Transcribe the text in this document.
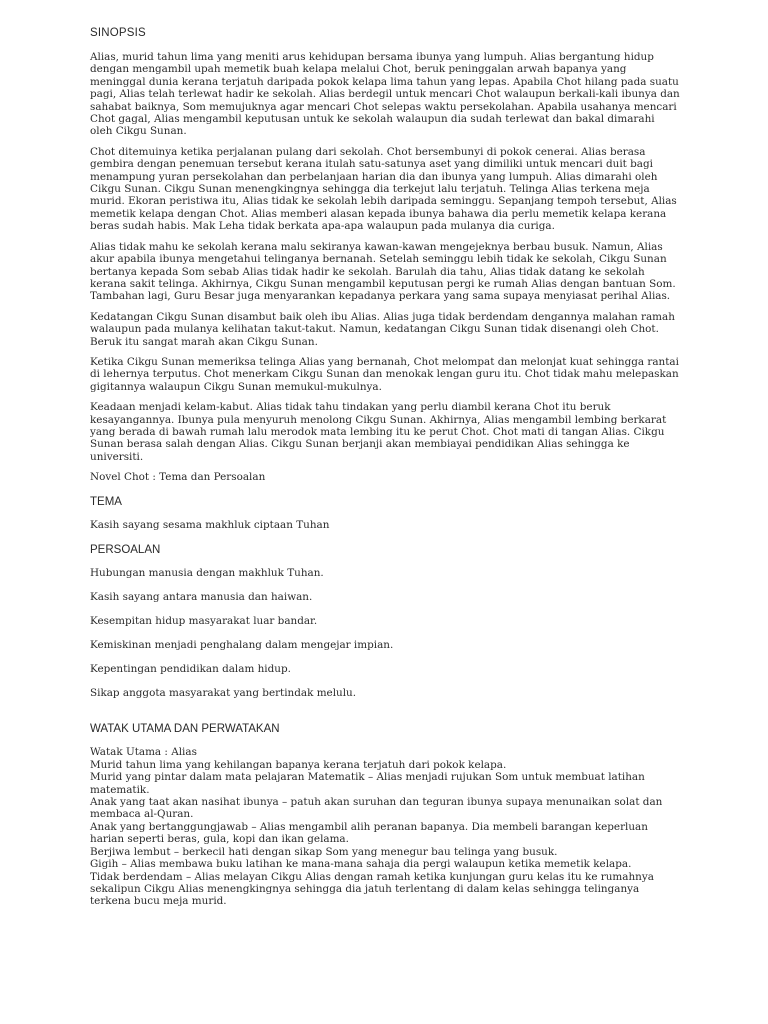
SINOPSIS

Alias, murid tahun lima yang meniti arus kehidupan bersama ibunya yang lumpuh. Alias bergantung hidup dengan mengambil upah memetik buah kelapa melalui Chot, beruk peninggalan arwah bapanya yang meninggal dunia kerana terjatuh daripada pokok kelapa lima tahun yang lepas. Apabila Chot hilang pada suatu pagi, Alias telah terlewat hadir ke sekolah. Alias berdegil untuk mencari Chot walaupun berkali-kali ibunya dan sahabat baiknya, Som memujuknya agar mencari Chot selepas waktu persekolahan. Apabila usahanya mencari Chot gagal, Alias mengambil keputusan untuk ke sekolah walaupun dia sudah terlewat dan bakal dimarahi oleh Cikgu Sunan.

Chot ditemuinya ketika perjalanan pulang dari sekolah. Chot bersembunyi di pokok cenerai. Alias berasa gembira dengan penemuan tersebut kerana itulah satu-satunya aset yang dimiliki untuk mencari duit bagi menampung yuran persekolahan dan perbelanjaan harian dia dan ibunya yang lumpuh. Alias dimarahi oleh Cikgu Sunan. Cikgu Sunan menengkingnya sehingga dia terkejut lalu terjatuh. Telinga Alias terkena meja murid. Ekoran peristiwa itu, Alias tidak ke sekolah lebih daripada seminggu. Sepanjang tempoh tersebut, Alias memetik kelapa dengan Chot. Alias memberi alasan kepada ibunya bahawa dia perlu memetik kelapa kerana beras sudah habis. Mak Leha tidak berkata apa-apa walaupun pada mulanya dia curiga.

Alias tidak mahu ke sekolah kerana malu sekiranya kawan-kawan mengejeknya berbau busuk. Namun, Alias akur apabila ibunya mengetahui telinganya bernanah. Setelah seminggu lebih tidak ke sekolah, Cikgu Sunan bertanya kepada Som sebab Alias tidak hadir ke sekolah. Barulah dia tahu, Alias tidak datang ke sekolah kerana sakit telinga. Akhirnya, Cikgu Sunan mengambil keputusan pergi ke rumah Alias dengan bantuan Som. Tambahan lagi, Guru Besar juga menyarankan kepadanya perkara yang sama supaya menyiasat perihal Alias.

Kedatangan Cikgu Sunan disambut baik oleh ibu Alias. Alias juga tidak berdendam dengannya malahan ramah walaupun pada mulanya kelihatan takut-takut. Namun, kedatangan Cikgu Sunan tidak disenangi oleh Chot. Beruk itu sangat marah akan Cikgu Sunan.

Ketika Cikgu Sunan memeriksa telinga Alias yang bernanah, Chot melompat dan melonjat kuat sehingga rantai di lehernya terputus. Chot menerkam Cikgu Sunan dan menokak lengan guru itu. Chot tidak mahu melepaskan gigitannya walaupun Cikgu Sunan memukul-mukulnya.

Keadaan menjadi kelam-kabut. Alias tidak tahu tindakan yang perlu diambil kerana Chot itu beruk kesayangannya. Ibunya pula menyuruh menolong Cikgu Sunan. Akhirnya, Alias mengambil lembing berkarat yang berada di bawah rumah lalu merodok mata lembing itu ke perut Chot. Chot mati di tangan Alias. Cikgu Sunan berasa salah dengan Alias. Cikgu Sunan berjanji akan membiayai pendidikan Alias sehingga ke universiti.

Novel Chot : Tema dan Persoalan

TEMA

Kasih sayang sesama makhluk ciptaan Tuhan

PERSOALAN

Hubungan manusia dengan makhluk Tuhan.

Kasih sayang antara manusia dan haiwan.

Kesempitan hidup masyarakat luar bandar.

Kemiskinan menjadi penghalang dalam mengejar impian.

Kepentingan pendidikan dalam hidup.

Sikap anggota masyarakat yang bertindak melulu.

WATAK UTAMA DAN PERWATAKAN

Watak Utama : Alias

Murid tahun lima yang kehilangan bapanya kerana terjatuh dari pokok kelapa.

Murid yang pintar dalam mata pelajaran Matematik – Alias menjadi rujukan Som untuk membuat latihan matematik.

Anak yang taat akan nasihat ibunya – patuh akan suruhan dan teguran ibunya supaya menunaikan solat dan membaca al-Quran.

Anak yang bertanggungjawab – Alias mengambil alih peranan bapanya. Dia membeli barangan keperluan harian seperti beras, gula, kopi dan ikan gelama.

Berjiwa lembut – berkecil hati dengan sikap Som yang menegur bau telinga yang busuk.

Gigih – Alias membawa buku latihan ke mana-mana sahaja dia pergi walaupun ketika memetik kelapa.

Tidak berdendam – Alias melayan Cikgu Alias dengan ramah ketika kunjungan guru kelas itu ke rumahnya sekalipun Cikgu Alias menengkingnya sehingga dia jatuh terlentang di dalam kelas sehingga telinganya terkena bucu meja murid.
